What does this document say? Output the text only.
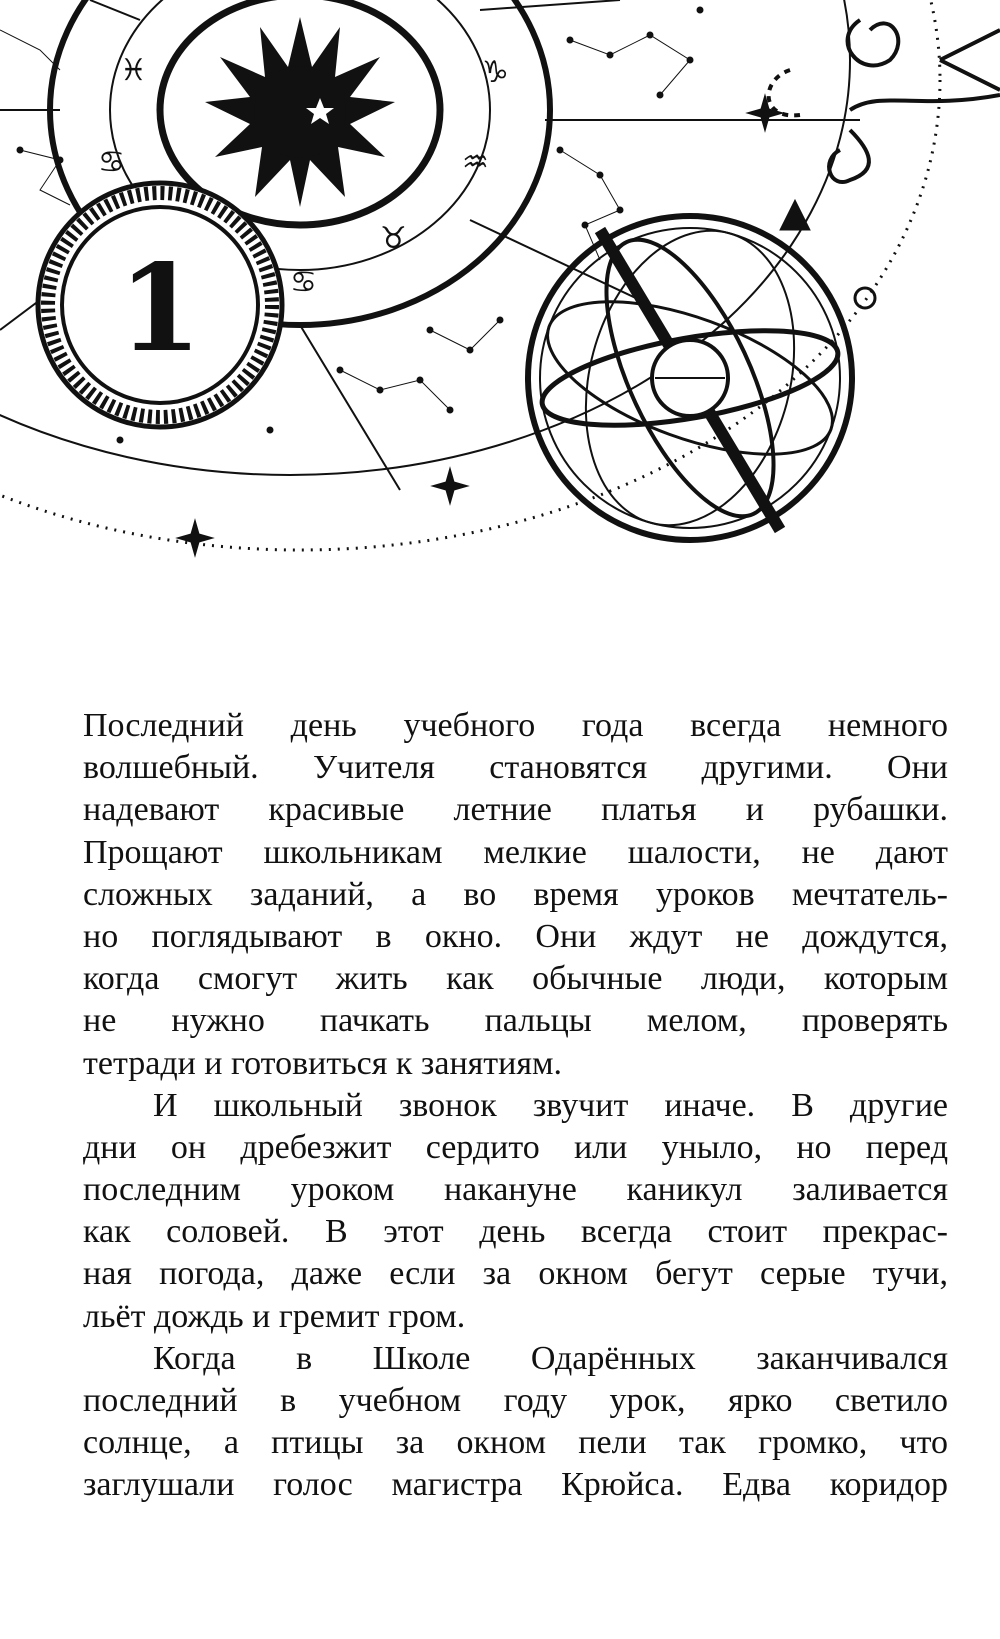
♓
♋
♋
♉
♑
♒
1
Последний день учебного года всегда немного
волшебный. Учителя становятся другими. Они
надевают красивые летние платья и рубашки.
Прощают школьникам мелкие шалости, не дают
сложных заданий, а во время уроков мечтатель-
но поглядывают в окно. Они ждут не дождутся,
когда смогут жить как обычные люди, которым
не нужно пачкать пальцы мелом, проверять
тетради и готовиться к занятиям.
И школьный звонок звучит иначе. В другие
дни он дребезжит сердито или уныло, но перед
последним уроком накануне каникул заливается
как соловей. В этот день всегда стоит прекрас-
ная погода, даже если за окном бегут серые тучи,
льёт дождь и гремит гром.
Когда в Школе Одарённых заканчивался
последний в учебном году урок, ярко светило
солнце, а птицы за окном пели так громко, что
заглушали голос магистра Крюйса. Едва коридор
